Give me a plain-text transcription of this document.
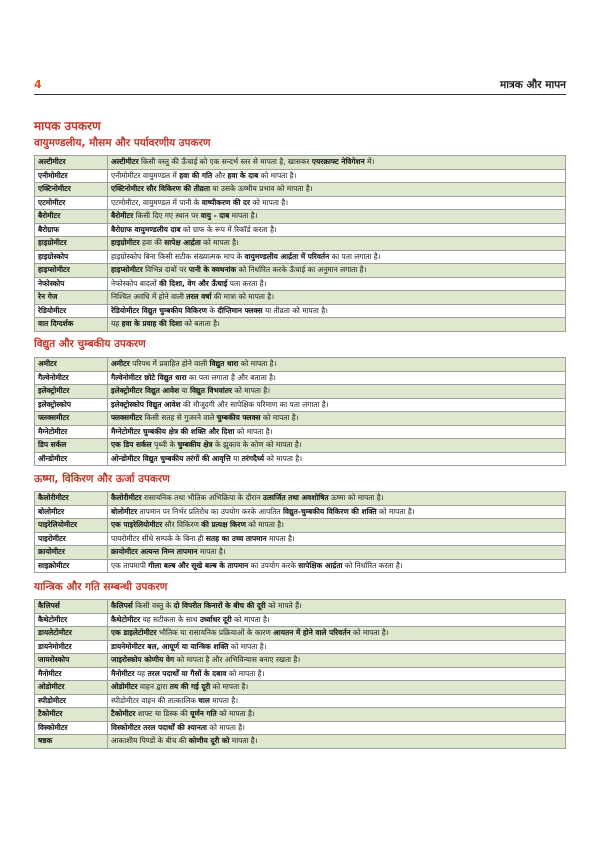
4	मात्रक और मापन
मापक उपकरण
वायुमण्डलीय, मौसम और पर्यावरणीय उपकरण
अल्टीमीटर	अल्टीमीटर किसी वस्तु की ऊँचाई को एक सन्दर्भ स्तर से मापता है, खासकर एयरक्राफ्ट नेविगेशन में।
एनीमोमीटर	एनीमोमीटर वायुमण्डल में हवा की गति और हवा के दाब को मापता है।
एक्टिनोमीटर	एक्टिनोमीटर सौर विकिरण की तीव्रता या उसके ऊष्मीय प्रभाव को मापता है।
एटमोमीटर	एटमोमीटर, वायुमण्डल में पानी के वाष्पीकरण की दर को मापता है।
बैरोमीटर	बैरोमीटर किसी दिए गए स्थान पर वायु - दाब मापता है।
बैरोग्राफ	बैरोग्राफ वायुमण्डलीय दाब को ग्राफ के रूप में रिकॉर्ड करता है।
हाइग्रोमीटर	हाइग्रोमीटर हवा की सापेक्ष आर्द्रता को मापता है।
हाइग्रोस्कोप	हाइग्रोस्कोप बिना किसी सटीक संख्यात्मक माप के वायुमण्डलीय आर्द्रता में परिवर्तन का पता लगाता है।
हाइप्सोमीटर	हाइप्सोमीटर विभिन्न दाबों पर पानी के क्वथनांक को निर्धारित करके ऊँचाई का अनुमान लगाता है।
नेफोस्कोप	नेफोस्कोप बादलों की दिशा, वेग और ऊँचाई पता करता है।
रेन गेज	निश्चित अवधि में होने वाली तरल वर्षा की मात्रा को मापता है।
रेडियोमीटर	रेडियोमीटर विद्युत चुम्बकीय विकिरण के दीप्तिमान फ्लक्स या तीव्रता को मापता है।
वात दिग्दर्शक	यह हवा के प्रवाह की दिशा को बताता है।
विद्युत और चुम्बकीय उपकरण
अमीटर	अमीटर परिपथ में प्रवाहित होने वाली विद्युत धारा को मापता है।
गैल्वेनोमीटर	गैल्वेनोमीटर छोटे विद्युत धारा का पता लगाता है और बताता है।
इलेक्ट्रोमीटर	इलेक्ट्रोमीटर विद्युत आवेश या विद्युत विभवांतर को मापता है।
इलेक्ट्रोस्कोप	इलेक्ट्रोस्कोप विद्युत आवेश की मौजूदगी और सापेक्षिक परिमाण का पता लगाता है।
फ्लक्समीटर	फ्लक्समीटर किसी सतह से गुजरने वाले चुम्बकीय फ्लक्स को मापता है।
मैग्नेटोमीटर	मैग्नेटोमीटर चुम्बकीय क्षेत्र की शक्ति और दिशा को मापता है।
डिप सर्कल	एक डिप सर्कल पृथ्वी के चुम्बकीय क्षेत्र के झुकाव के कोण को मापता है।
ऑन्डोमीटर	ओन्डोमीटर विद्युत चुम्बकीय तरंगों की आवृत्ति या तरंगदैर्ध्य को मापता है।
ऊष्मा, विकिरण और ऊर्जा उपकरण
कैलोरीमीटर	कैलोरीमीटर रासायनिक तथा भौतिक अभिक्रिया के दौरान उत्सर्जित तथा अवशोषित ऊष्मा को मापता है।
बोलोमीटर	बोलोमीटर तापमान पर निर्भर प्रतिरोध का उपयोग करके आपतित विद्युत-चुम्बकीय विकिरण की शक्ति को मापता है।
पाइरेलियोमीटर	एक पाइरेलियोमीटर सौर विकिरण की प्रत्यक्ष किरण को मापता है।
पाइरोमीटर	पायरोमीटर सीधे सम्पर्क के बिना ही सतह का उच्च तापमान मापता है।
क्रायोमीटर	क्रायोमीटर अत्यन्त निम्न तापमान मापता है।
साइक्रोमीटर	एक तापमापी गीला बल्ब और सूखे बल्ब के तापमान का उपयोग करके सापेक्षिक आर्द्रता को निर्धारित करता है।
यान्त्रिक और गति सम्बन्धी उपकरण
कैलिपर्स	कैलिपर्स किसी वस्तु के दो विपरीत किनारों के बीच की दूरी को मापते हैं।
कैथेटोमीटर	कैथेटोमीटर यह सटीकता के साथ उर्ध्वाधर दूरी को मापता है।
डायलेटोमीटर	एक डाइलेटोमीटर भौतिक या रासायनिक प्रक्रियाओं के कारण आयतन में होने वाले परिवर्तन को मापता है।
डायनेमोमीटर	डायनेमोमीटर बल, आघूर्ण या यान्त्रिक शक्ति को मापता है।
जायरोस्कोप	जाइरोस्कोप कोणीय वेग को मापता है और अभिविन्यास बनाए रखता है।
मैनोमीटर	मैनोमीटर यह तरल पदार्थों या गैसों के दबाव को मापता है।
ओडोमीटर	ओडोमीटर वाहन द्वारा तय की गई दूरी को मापता है।
स्पीडोमीटर	स्पीडोमीटर वाहन की तात्कालिक चाल मापता है।
टैकोमीटर	टैकोमीटर शाफ्ट या डिस्क की घूर्णन गति को मापता है।
विस्कोमीटर	विस्कोमीटर तरल पदार्थों की श्यानता को मापता है।
षष्ठक	आकाशीय पिण्डों के बीच की कोणीय दूरी को मापता है।
